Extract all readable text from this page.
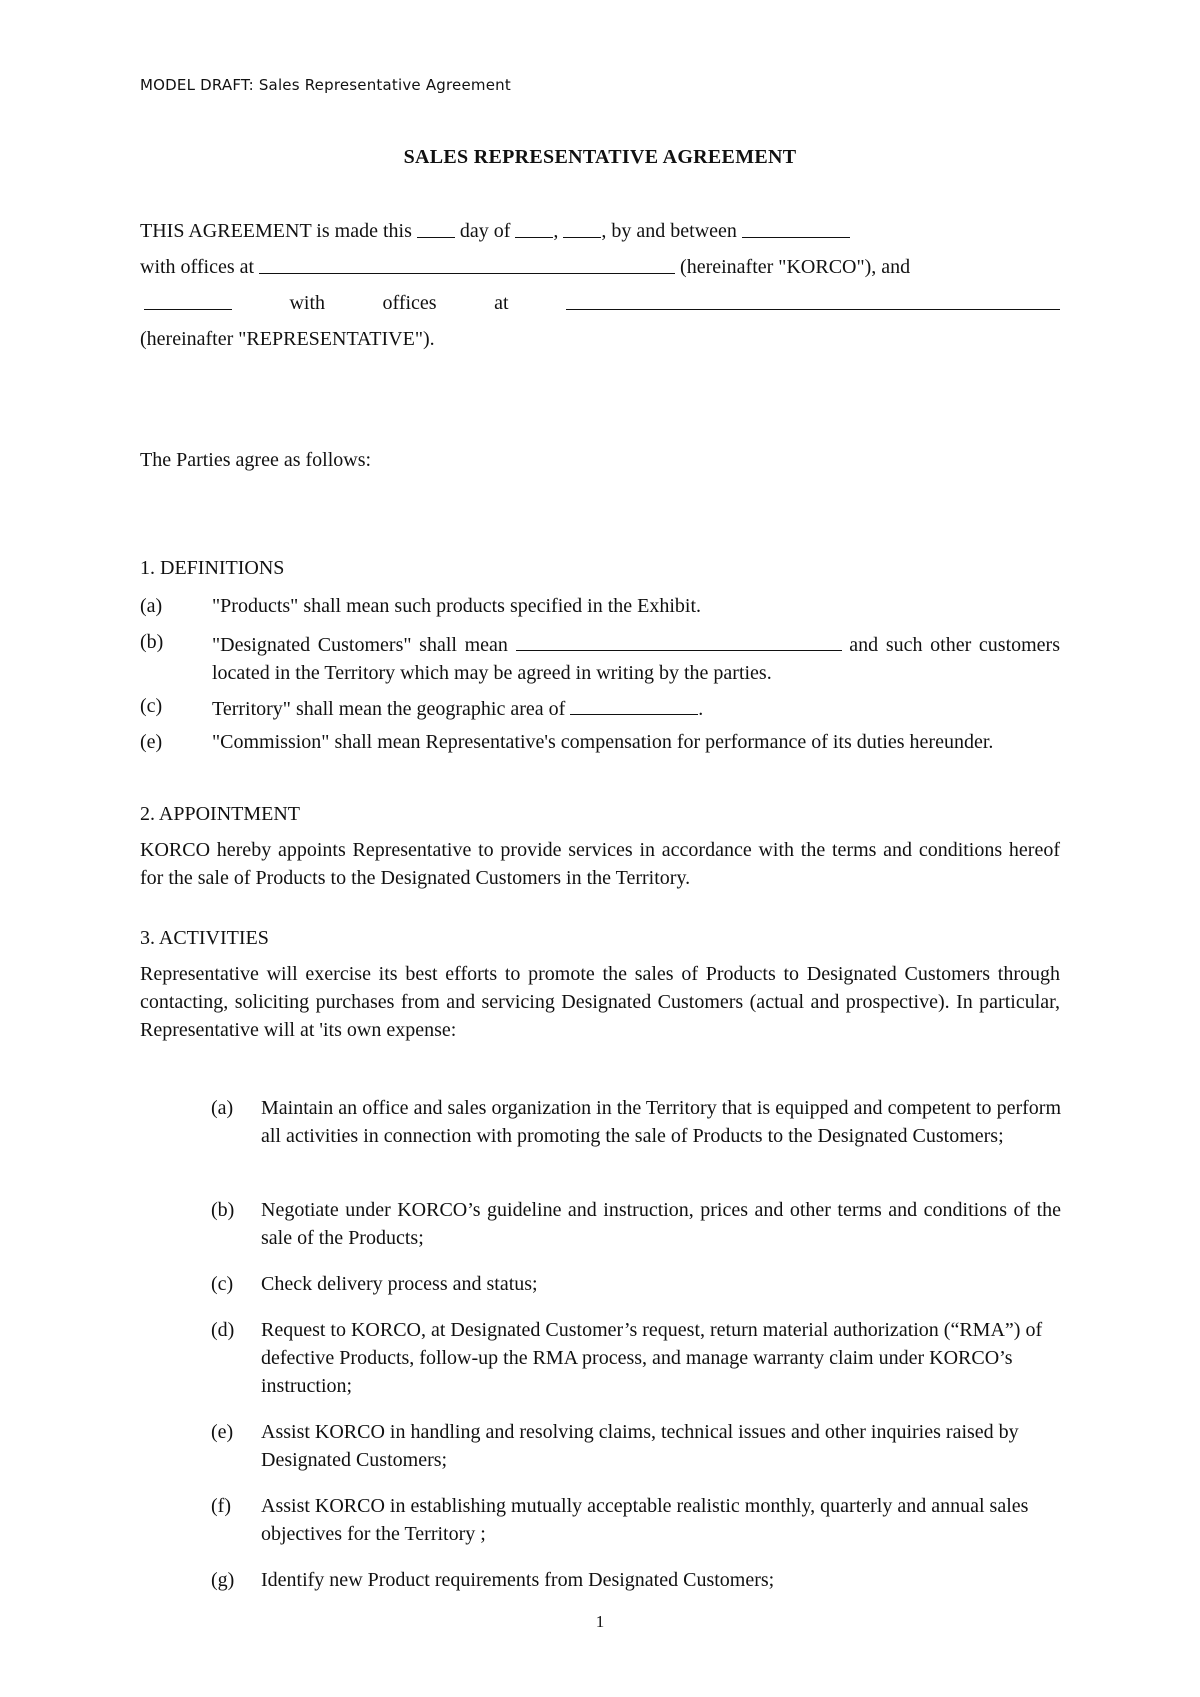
MODEL DRAFT: Sales Representative Agreement
SALES REPRESENTATIVE AGREEMENT
THIS AGREEMENT is made this

day of
,
, by and between

with offices at

	(hereinafter "KORCO"), and
with	offices	at
(hereinafter "REPRESENTATIVE").

The Parties agree as follows:

1. DEFINITIONS

(a)	"Products" shall mean such products specified in the Exhibit.
(b)	"Designated Customers" shall mean	and such other customers located in the Territory which may be agreed in writing by the parties.
(c)	Territory" shall mean the geographic area of	.
(e)	"Commission" shall mean Representative's compensation for performance of its duties hereunder.

2. APPOINTMENT

KORCO hereby appoints Representative to provide services in accordance with the terms and conditions hereof for the sale of Products to the Designated Customers in the Territory.

3. ACTIVITIES

Representative will exercise its best efforts to promote the sales of Products to Designated Customers through contacting, soliciting purchases from and servicing Designated Customers (actual and prospective). In particular, Representative will at 'its own expense:

(a)	Maintain an office and sales organization in the Territory that is equipped and competent to perform all activities in connection with promoting the sale of Products to the Designated Customers;
(b)	Negotiate under KORCO’s guideline and instruction, prices and other terms and conditions of the sale of the Products;
(c)	Check delivery process and status;
(d)	Request to KORCO, at Designated Customer’s request, return material authorization (“RMA”) of defective Products, follow-up the RMA process, and manage warranty claim under KORCO’s instruction;
(e)	Assist KORCO in handling and resolving claims, technical issues and other inquiries raised by Designated Customers;
(f)	Assist KORCO in establishing mutually acceptable realistic monthly, quarterly and annual sales objectives for the Territory ;
(g)	Identify new Product requirements from Designated Customers;
1
